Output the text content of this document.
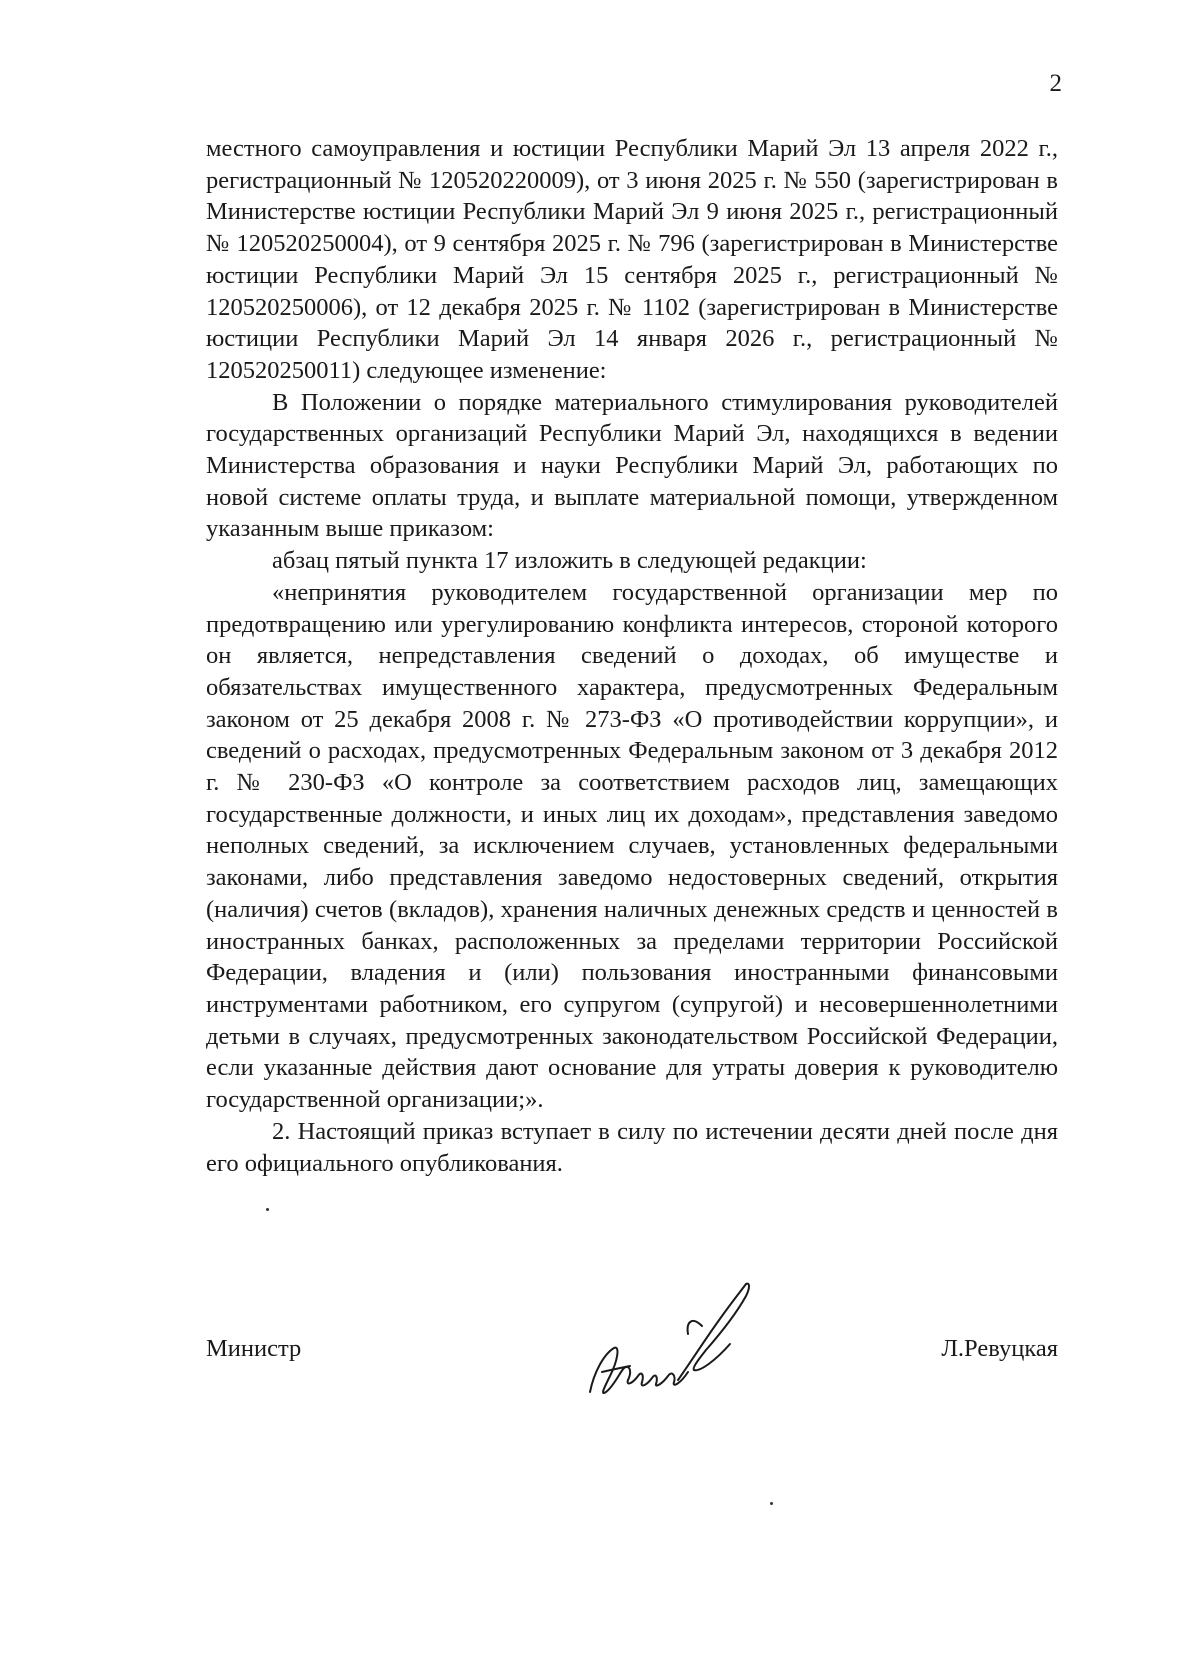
2

местного самоуправления и юстиции Республики Марий Эл 13 апреля 2022 г., регистрационный № 120520220009), от 3 июня 2025 г. № 550 (зарегистрирован в Министерстве юстиции Республики Марий Эл 9 июня 2025 г., регистрационный № 120520250004), от 9 сентября 2025 г. № 796 (зарегистрирован в Министерстве юстиции Республики Марий Эл 15 сентября 2025 г., регистрационный № 120520250006), от 12 декабря 2025 г. № 1102 (зарегистрирован в Министерстве юстиции Республики Марий Эл 14 января 2026 г., регистрационный № 120520250011) следующее изменение:

В Положении о порядке материального стимулирования руководителей государственных организаций Республики Марий Эл, находящихся в ведении Министерства образования и науки Республики Марий Эл, работающих по новой системе оплаты труда, и выплате материальной помощи, утвержденном указанным выше приказом:

абзац пятый пункта 17 изложить в следующей редакции:

«непринятия руководителем государственной организации мер по предотвращению или урегулированию конфликта интересов, стороной которого он является, непредставления сведений о доходах, об имуществе и обязательствах имущественного характера, предусмотренных Федеральным законом от 25 декабря 2008 г. № 273-ФЗ «О противодействии коррупции», и сведений о расходах, предусмотренных Федеральным законом от 3 декабря 2012 г. № 230-ФЗ «О контроле за соответствием расходов лиц, замещающих государственные должности, и иных лиц их доходам», представления заведомо неполных сведений, за исключением случаев, установленных федеральными законами, либо представления заведомо недостоверных сведений, открытия (наличия) счетов (вкладов), хранения наличных денежных средств и ценностей в иностранных банках, расположенных за пределами территории Российской Федерации, владения и (или) пользования иностранными финансовыми инструментами работником, его супругом (супругой) и несовершеннолетними детьми в случаях, предусмотренных законодательством Российской Федерации, если указанные действия дают основание для утраты доверия к руководителю государственной организации;».

2. Настоящий приказ вступает в силу по истечении десяти дней после дня его официального опубликования.

Министр	Л.Ревуцкая
